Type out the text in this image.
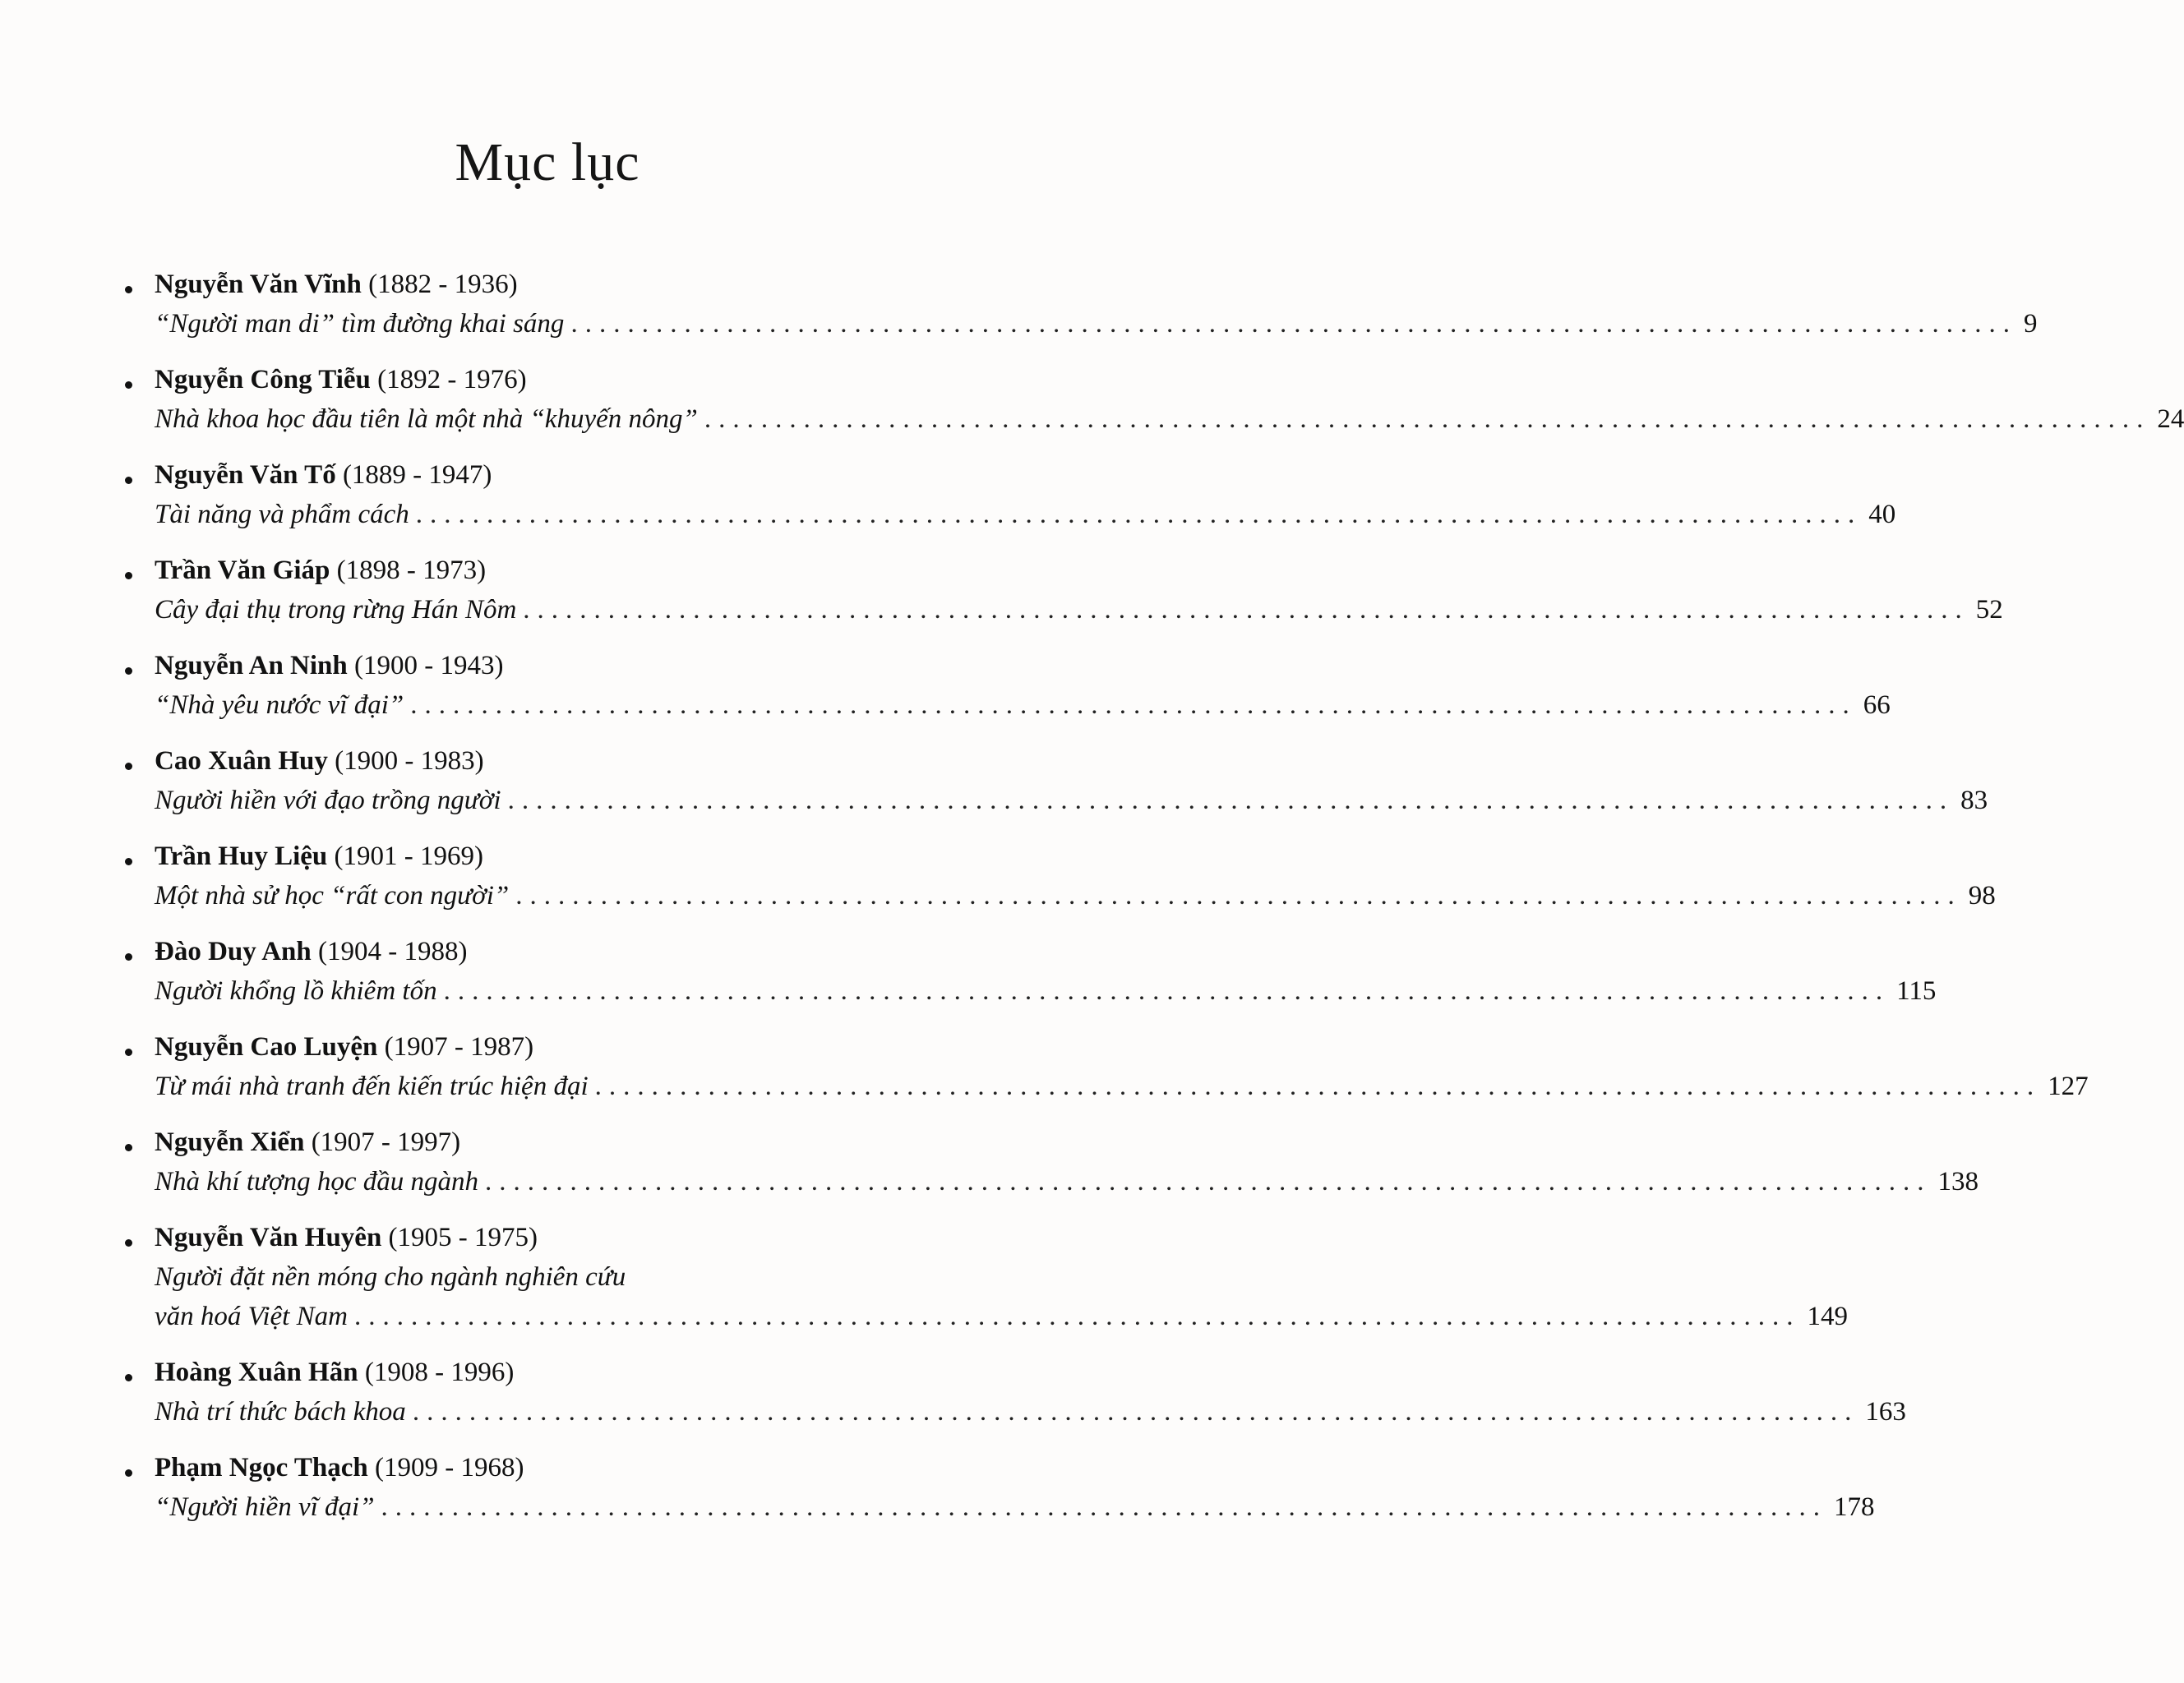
Mục lục
Nguyễn Văn Vĩnh (1882 - 1936)
“Người man di” tìm đường khai sáng ...................................................................................................... 9
Nguyễn Công Tiễu (1892 - 1976)
Nhà khoa học đầu tiên là một nhà “khuyến nông” ...................................................................................................... 24
Nguyễn Văn Tố (1889 - 1947)
Tài năng và phẩm cách ...................................................................................................... 40
Trần Văn Giáp (1898 - 1973)
Cây đại thụ trong rừng Hán Nôm ...................................................................................................... 52
Nguyễn An Ninh (1900 - 1943)
“Nhà yêu nước vĩ đại” ...................................................................................................... 66
Cao Xuân Huy (1900 - 1983)
Người hiền với đạo trồng người ...................................................................................................... 83
Trần Huy Liệu (1901 - 1969)
Một nhà sử học “rất con người” ...................................................................................................... 98
Đào Duy Anh (1904 - 1988)
Người khổng lồ khiêm tốn ...................................................................................................... 115
Nguyễn Cao Luyện (1907 - 1987)
Từ mái nhà tranh đến kiến trúc hiện đại ...................................................................................................... 127
Nguyễn Xiển (1907 - 1997)
Nhà khí tượng học đầu ngành ...................................................................................................... 138
Nguyễn Văn Huyên (1905 - 1975)
Người đặt nền móng cho ngành nghiên cứu
văn hoá Việt Nam ...................................................................................................... 149
Hoàng Xuân Hãn (1908 - 1996)
Nhà trí thức bách khoa ...................................................................................................... 163
Phạm Ngọc Thạch (1909 - 1968)
“Người hiền vĩ đại” ...................................................................................................... 178
